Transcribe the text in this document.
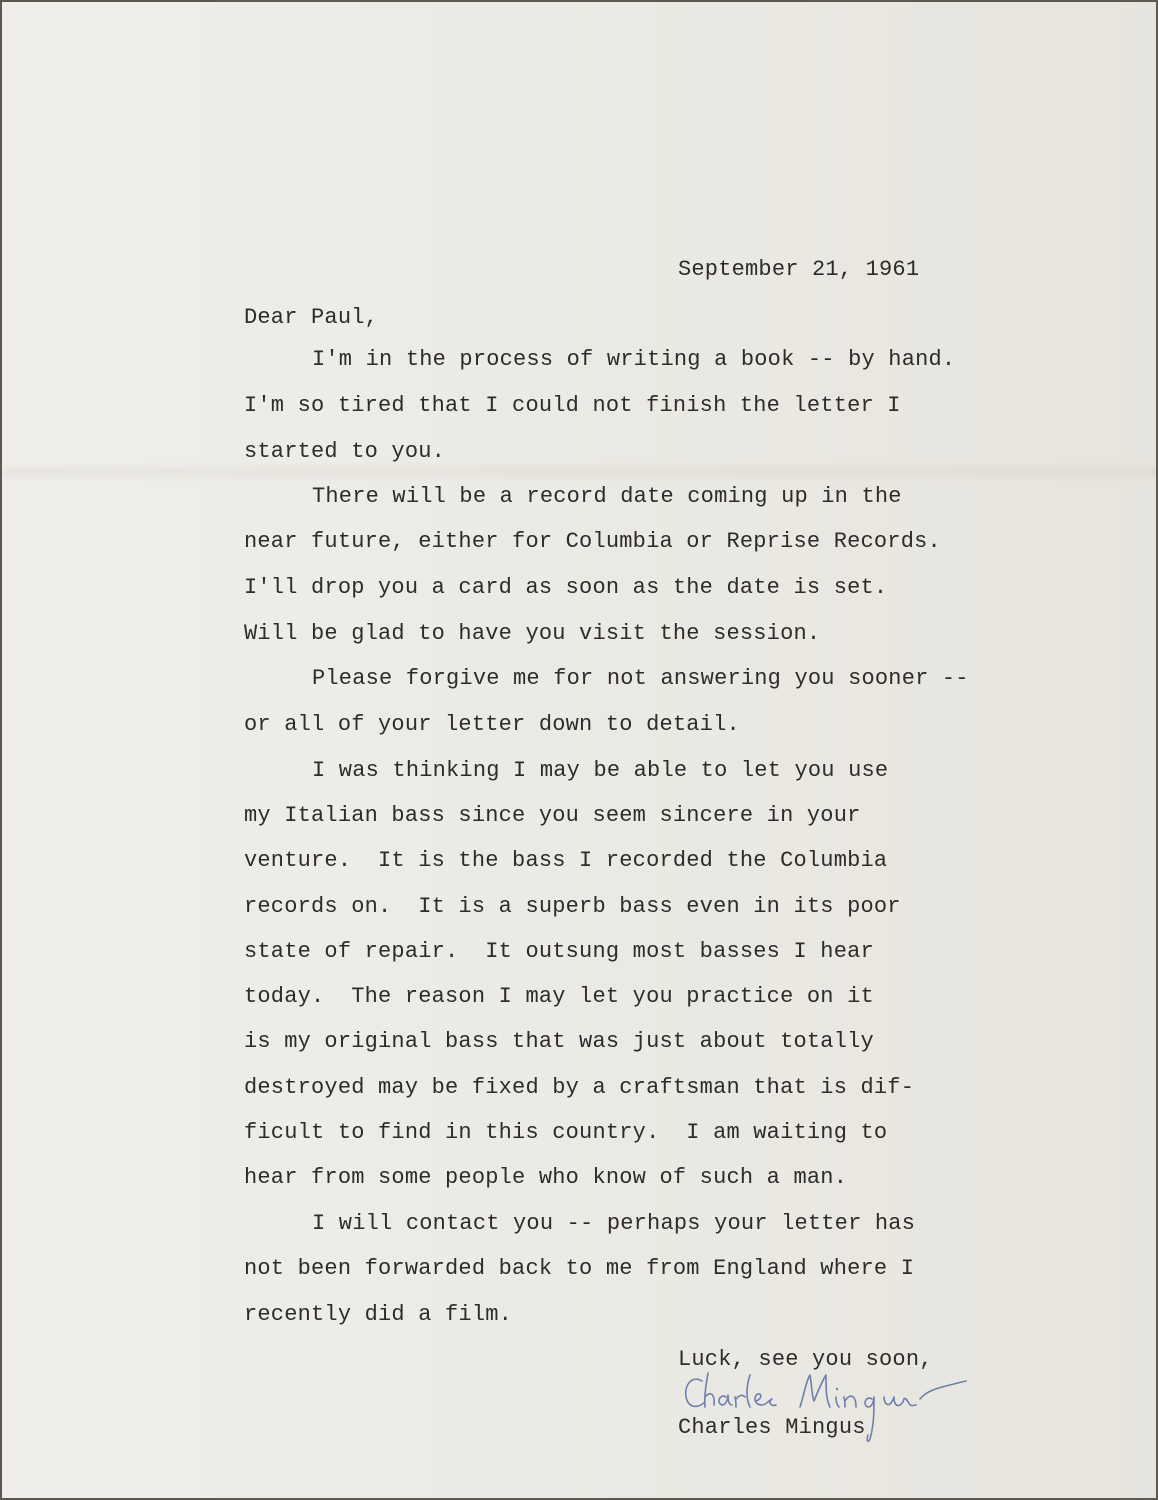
September 21, 1961
Dear Paul,
I'm in the process of writing a book -- by hand.
I'm so tired that I could not finish the letter I
started to you.
There will be a record date coming up in the
near future, either for Columbia or Reprise Records.
I'll drop you a card as soon as the date is set.
Will be glad to have you visit the session.
Please forgive me for not answering you sooner --
or all of your letter down to detail.
I was thinking I may be able to let you use
my Italian bass since you seem sincere in your
venture.  It is the bass I recorded the Columbia
records on.  It is a superb bass even in its poor
state of repair.  It outsung most basses I hear
today.  The reason I may let you practice on it
is my original bass that was just about totally
destroyed may be fixed by a craftsman that is dif-
ficult to find in this country.  I am waiting to
hear from some people who know of such a man.
I will contact you -- perhaps your letter has
not been forwarded back to me from England where I
recently did a film.
Luck, see you soon,
Charles Mingus
